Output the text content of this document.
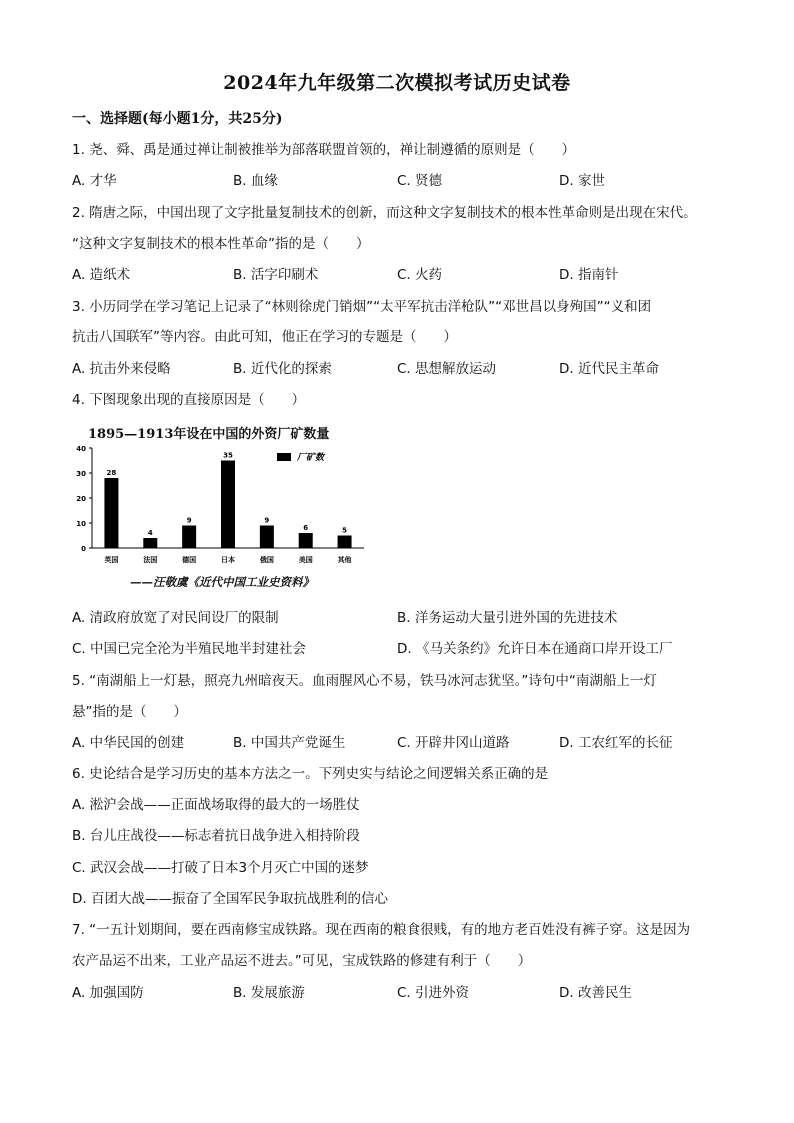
2024年九年级第二次模拟考试历史试卷
一、选择题(每小题1分，共25分)
1. 尧、舜、禹是通过禅让制被推举为部落联盟首领的，禅让制遵循的原则是（　　）
A. 才华	B. 血缘	C. 贤德	D. 家世
2. 隋唐之际，中国出现了文字批量复制技术的创新，而这种文字复制技术的根本性革命则是出现在宋代。
“这种文字复制技术的根本性革命”指的是（　　）
A. 造纸术	B. 活字印刷术	C. 火药	D. 指南针
3. 小历同学在学习笔记上记录了“林则徐虎门销烟”“太平军抗击洋枪队”“邓世昌以身殉国”“义和团
抗击八国联军”等内容。由此可知，他正在学习的专题是（　　）
A. 抗击外来侵略	B. 近代化的探索	C. 思想解放运动	D. 近代民主革命
4. 下图现象出现的直接原因是（　　）
1895—1913年设在中国的外资厂矿数量
0
10
20
30
40
28
英国
4
法国
9
德国
35
日本
9
俄国
6
美国
5
其他
厂矿数
——汪敬虞《近代中国工业史资料》
A. 清政府放宽了对民间设厂的限制	B. 洋务运动大量引进外国的先进技术
C. 中国已完全沦为半殖民地半封建社会	D. 《马关条约》允许日本在通商口岸开设工厂
5. “南湖船上一灯悬，照亮九州暗夜天。血雨腥风心不易，铁马冰河志犹坚。”诗句中“南湖船上一灯
悬”指的是（　　）
A. 中华民国的创建	B. 中国共产党诞生	C. 开辟井冈山道路	D. 工农红军的长征
6. 史论结合是学习历史的基本方法之一。下列史实与结论之间逻辑关系正确的是
A. 淞沪会战——正面战场取得的最大的一场胜仗
B. 台儿庄战役——标志着抗日战争进入相持阶段
C. 武汉会战——打破了日本3个月灭亡中国的迷梦
D. 百团大战——振奋了全国军民争取抗战胜利的信心
7. “一五计划期间，要在西南修宝成铁路。现在西南的粮食很贱，有的地方老百姓没有裤子穿。这是因为
农产品运不出来，工业产品运不进去。”可见，宝成铁路的修建有利于（　　）
A. 加强国防	B. 发展旅游	C. 引进外资	D. 改善民生
